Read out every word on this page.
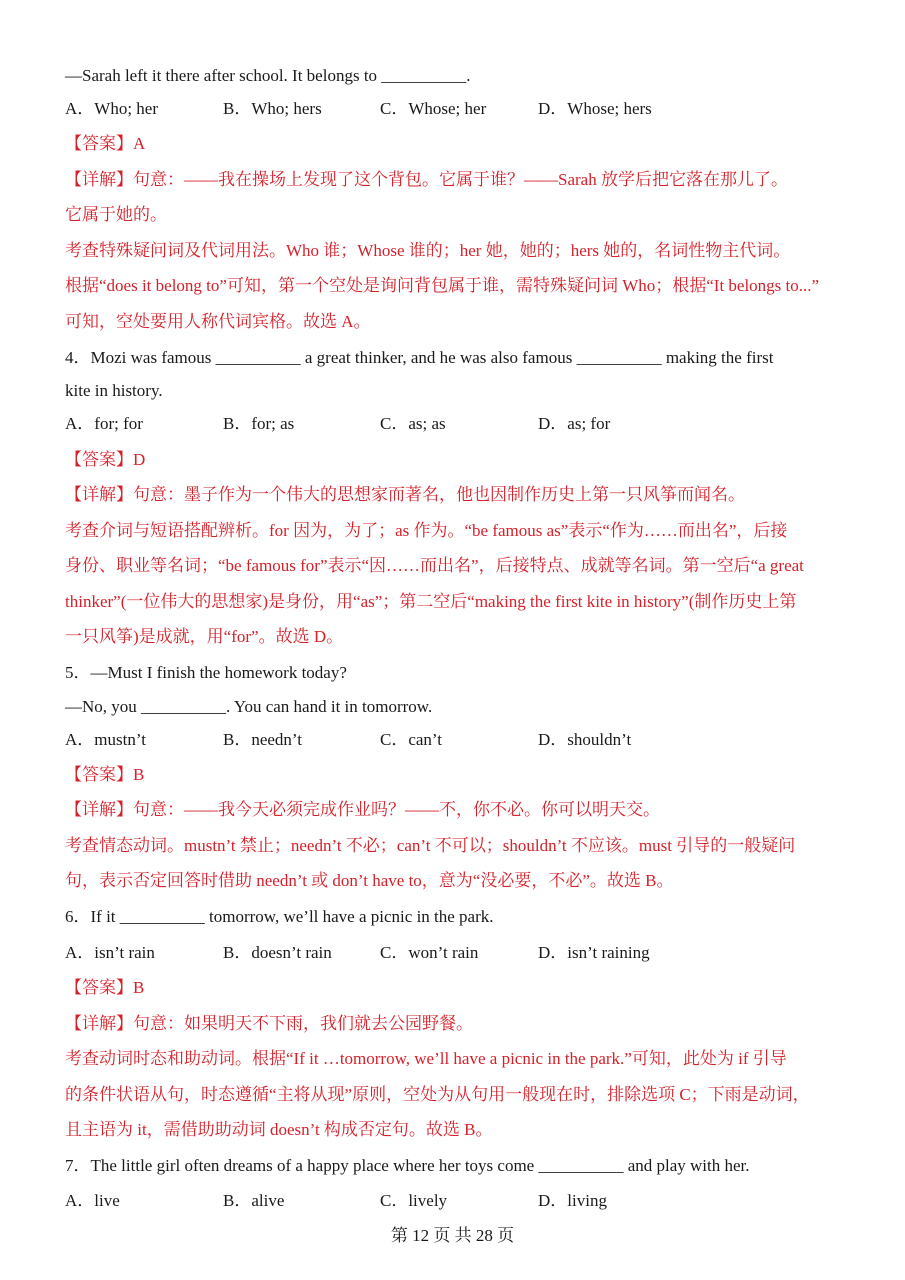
—Sarah left it there after school. It belongs to __________.
A．Who; her	B．Who; hers	C．Whose; her	D．Whose; hers
【答案】A
【详解】句意：——我在操场上发现了这个背包。它属于谁？——Sarah 放学后把它落在那儿了。
它属于她的。
考查特殊疑问词及代词用法。Who 谁；Whose 谁的；her 她，她的；hers 她的，名词性物主代词。
根据“does it belong to”可知，第一个空处是询问背包属于谁，需特殊疑问词 Who；根据“It belongs to...”
可知，空处要用人称代词宾格。故选 A。
4．Mozi was famous __________ a great thinker, and he was also famous __________ making the first
kite in history.
A．for; for	B．for; as	C．as; as	D．as; for
【答案】D
【详解】句意：墨子作为一个伟大的思想家而著名，他也因制作历史上第一只风筝而闻名。
考查介词与短语搭配辨析。for 因为，为了；as 作为。“be famous as”表示“作为……而出名”，后接
身份、职业等名词；“be famous for”表示“因……而出名”，后接特点、成就等名词。第一空后“a great
thinker”(一位伟大的思想家)是身份，用“as”；第二空后“making the first kite in history”(制作历史上第
一只风筝)是成就，用“for”。故选 D。
5．—Must I finish the homework today?
—No, you __________. You can hand it in tomorrow.
A．mustn’t	B．needn’t	C．can’t	D．shouldn’t
【答案】B
【详解】句意：——我今天必须完成作业吗？——不，你不必。你可以明天交。
考查情态动词。mustn’t 禁止；needn’t 不必；can’t 不可以；shouldn’t 不应该。must 引导的一般疑问
句，表示否定回答时借助 needn’t 或 don’t have to，意为“没必要，不必”。故选 B。
6．If it __________ tomorrow, we’ll have a picnic in the park.
A．isn’t rain	B．doesn’t rain	C．won’t rain	D．isn’t raining
【答案】B
【详解】句意：如果明天不下雨，我们就去公园野餐。
考查动词时态和助动词。根据“If it …tomorrow, we’ll have a picnic in the park.”可知，此处为 if 引导
的条件状语从句，时态遵循“主将从现”原则，空处为从句用一般现在时，排除选项 C；下雨是动词，
且主语为 it，需借助助动词 doesn’t 构成否定句。故选 B。
7．The little girl often dreams of a happy place where her toys come __________ and play with her.
A．live	B．alive	C．lively	D．living
第 12 页 共 28 页
